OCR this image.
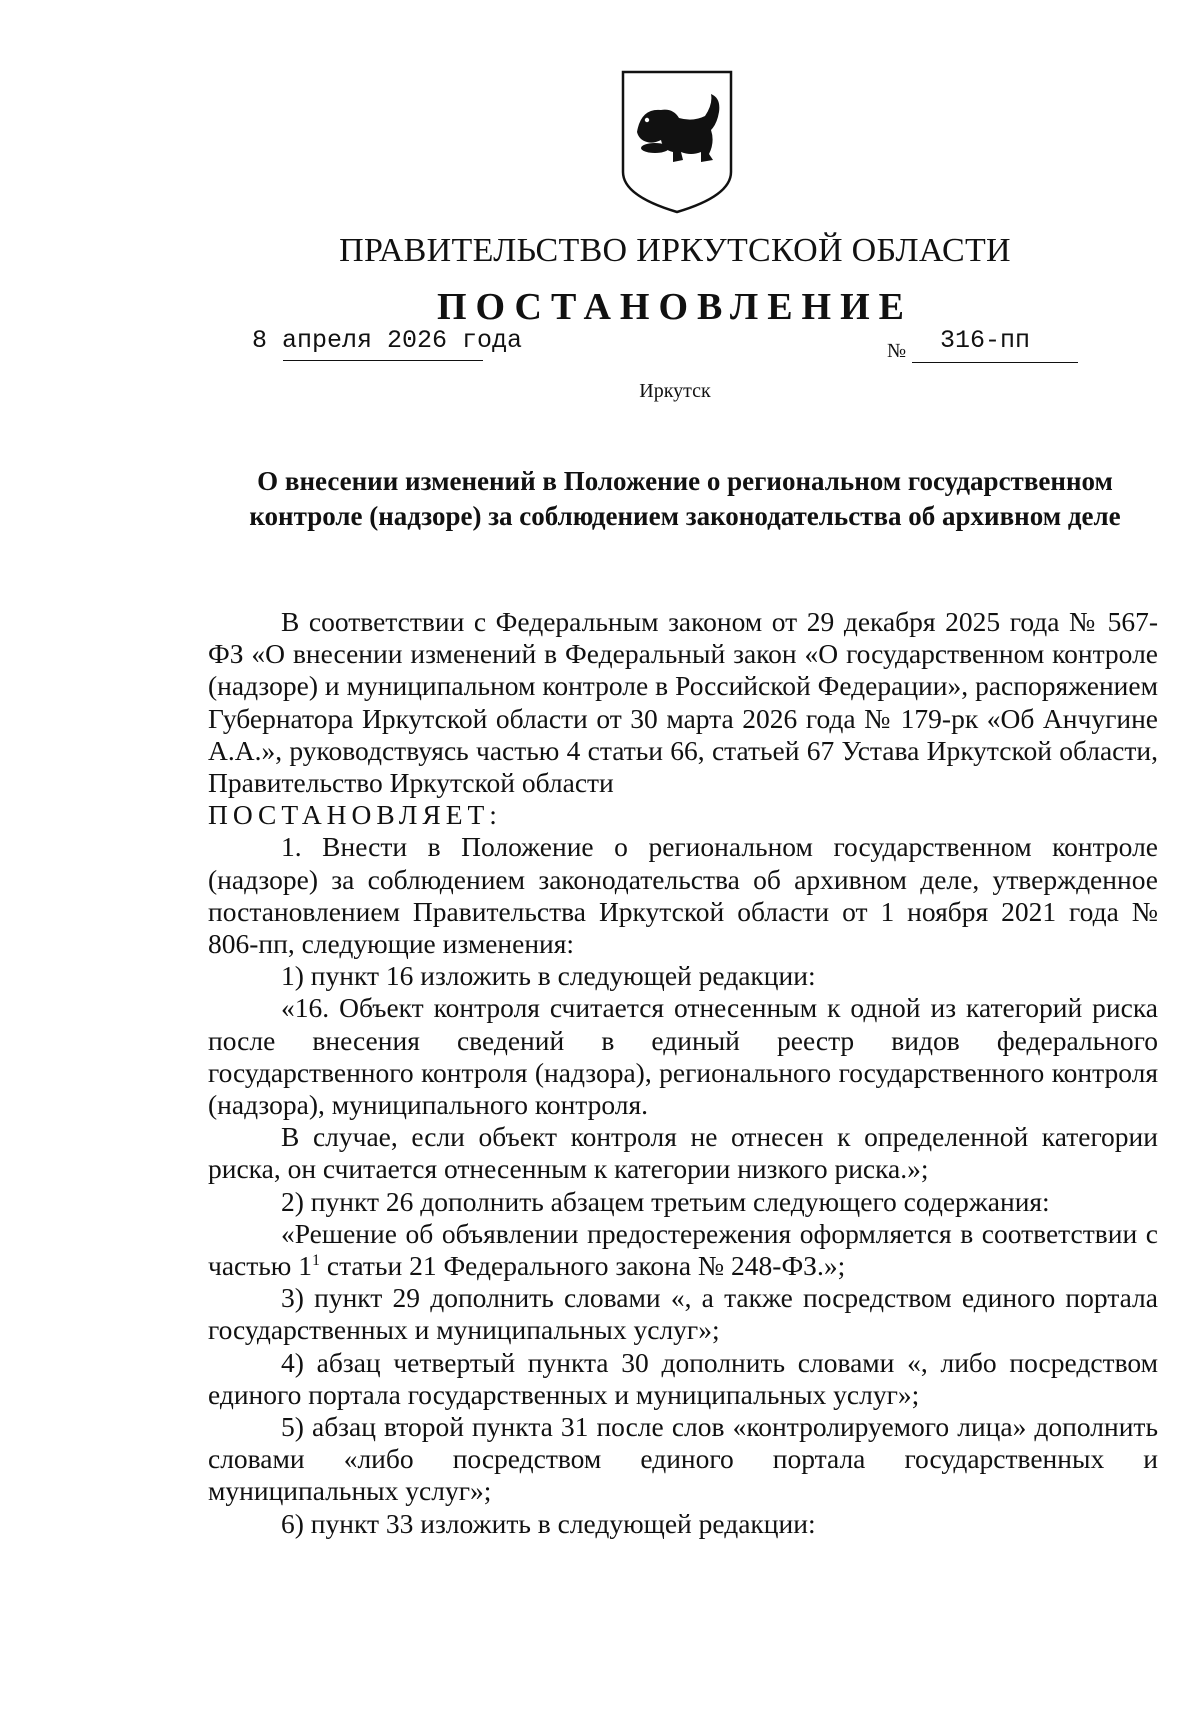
ПРАВИТЕЛЬСТВО ИРКУТСКОЙ ОБЛАСТИ
ПОСТАНОВЛЕНИЕ
8 апреля 2026 года	№ 316-пп
Иркутск
О внесении изменений в Положение о региональном государственном
контроле (надзоре) за соблюдением законодательства об архивном деле

В соответствии с Федеральным законом от 29 декабря 2025 года № 567-ФЗ «О внесении изменений в Федеральный закон «О государственном контроле (надзоре) и муниципальном контроле в Российской Федерации», распоряжением Губернатора Иркутской области от 30 марта 2026 года № 179-рк «Об Анчугине А.А.», руководствуясь частью 4 статьи 66, статьей 67 Устава Иркутской области, Правительство Иркутской области

ПОСТАНОВЛЯЕТ:

1. Внести в Положение о региональном государственном контроле (надзоре) за соблюдением законодательства об архивном деле, утвержденное постановлением Правительства Иркутской области от 1 ноября 2021 года № 806-пп, следующие изменения:

1) пункт 16 изложить в следующей редакции:

«16. Объект контроля считается отнесенным к одной из категорий риска после внесения сведений в единый реестр видов федерального государственного контроля (надзора), регионального государственного контроля (надзора), муниципального контроля.

В случае, если объект контроля не отнесен к определенной категории риска, он считается отнесенным к категории низкого риска.»;

2) пункт 26 дополнить абзацем третьим следующего содержания:

«Решение об объявлении предостережения оформляется в соответствии с частью $1^1$ статьи 21 Федерального закона № 248-ФЗ.»;

3) пункт 29 дополнить словами «, а также посредством единого портала государственных и муниципальных услуг»;

4) абзац четвертый пункта 30 дополнить словами «, либо посредством единого портала государственных и муниципальных услуг»;

5) абзац второй пункта 31 после слов «контролируемого лица» дополнить словами «либо посредством единого портала государственных и муниципальных услуг»;

6) пункт 33 изложить в следующей редакции:
